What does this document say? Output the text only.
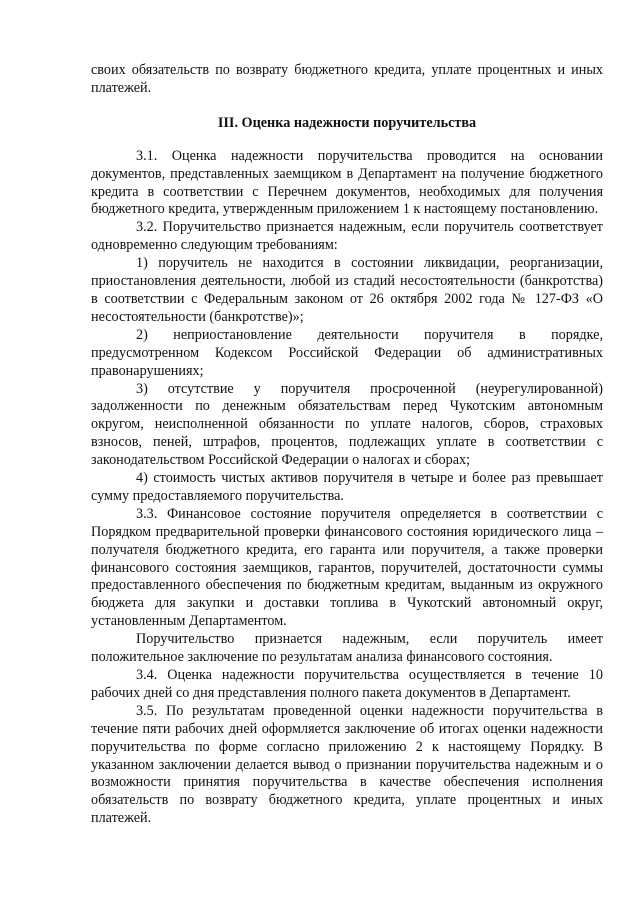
своих обязательств по возврату бюджетного кредита, уплате процентных и иных платежей.

III. Оценка надежности поручительства

3.1. Оценка надежности поручительства проводится на основании документов, представленных заемщиком в Департамент на получение бюджетного кредита в соответствии с Перечнем документов, необходимых для получения бюджетного кредита, утвержденным приложением 1 к настоящему постановлению.

3.2. Поручительство признается надежным, если поручитель соответствует одновременно следующим требованиям:

1) поручитель не находится в состоянии ликвидации, реорганизации, приостановления деятельности, любой из стадий несостоятельности (банкротства) в соответствии с Федеральным законом от 26 октября 2002 года № 127-ФЗ «О несостоятельности (банкротстве)»;

2) неприостановление деятельности поручителя в порядке, предусмотренном Кодексом Российской Федерации об административных правонарушениях;

3) отсутствие у поручителя просроченной (неурегулированной) задолженности по денежным обязательствам перед Чукотским автономным округом, неисполненной обязанности по уплате налогов, сборов, страховых взносов, пеней, штрафов, процентов, подлежащих уплате в соответствии с законодательством Российской Федерации о налогах и сборах;

4) стоимость чистых активов поручителя в четыре и более раз превышает сумму предоставляемого поручительства.

3.3. Финансовое состояние поручителя определяется в соответствии с Порядком предварительной проверки финансового состояния юридического лица – получателя бюджетного кредита, его гаранта или поручителя, а также проверки финансового состояния заемщиков, гарантов, поручителей, достаточности суммы предоставленного обеспечения по бюджетным кредитам, выданным из окружного бюджета для закупки и доставки топлива в Чукотский автономный округ, установленным Департаментом.

Поручительство признается надежным, если поручитель имеет положительное заключение по результатам анализа финансового состояния.

3.4. Оценка надежности поручительства осуществляется в течение 10 рабочих дней со дня представления полного пакета документов в Департамент.

3.5. По результатам проведенной оценки надежности поручительства в течение пяти рабочих дней оформляется заключение об итогах оценки надежности поручительства по форме согласно приложению 2 к настоящему Порядку. В указанном заключении делается вывод о признании поручительства надежным и о возможности принятия поручительства в качестве обеспечения исполнения обязательств по возврату бюджетного кредита, уплате процентных и иных платежей.
